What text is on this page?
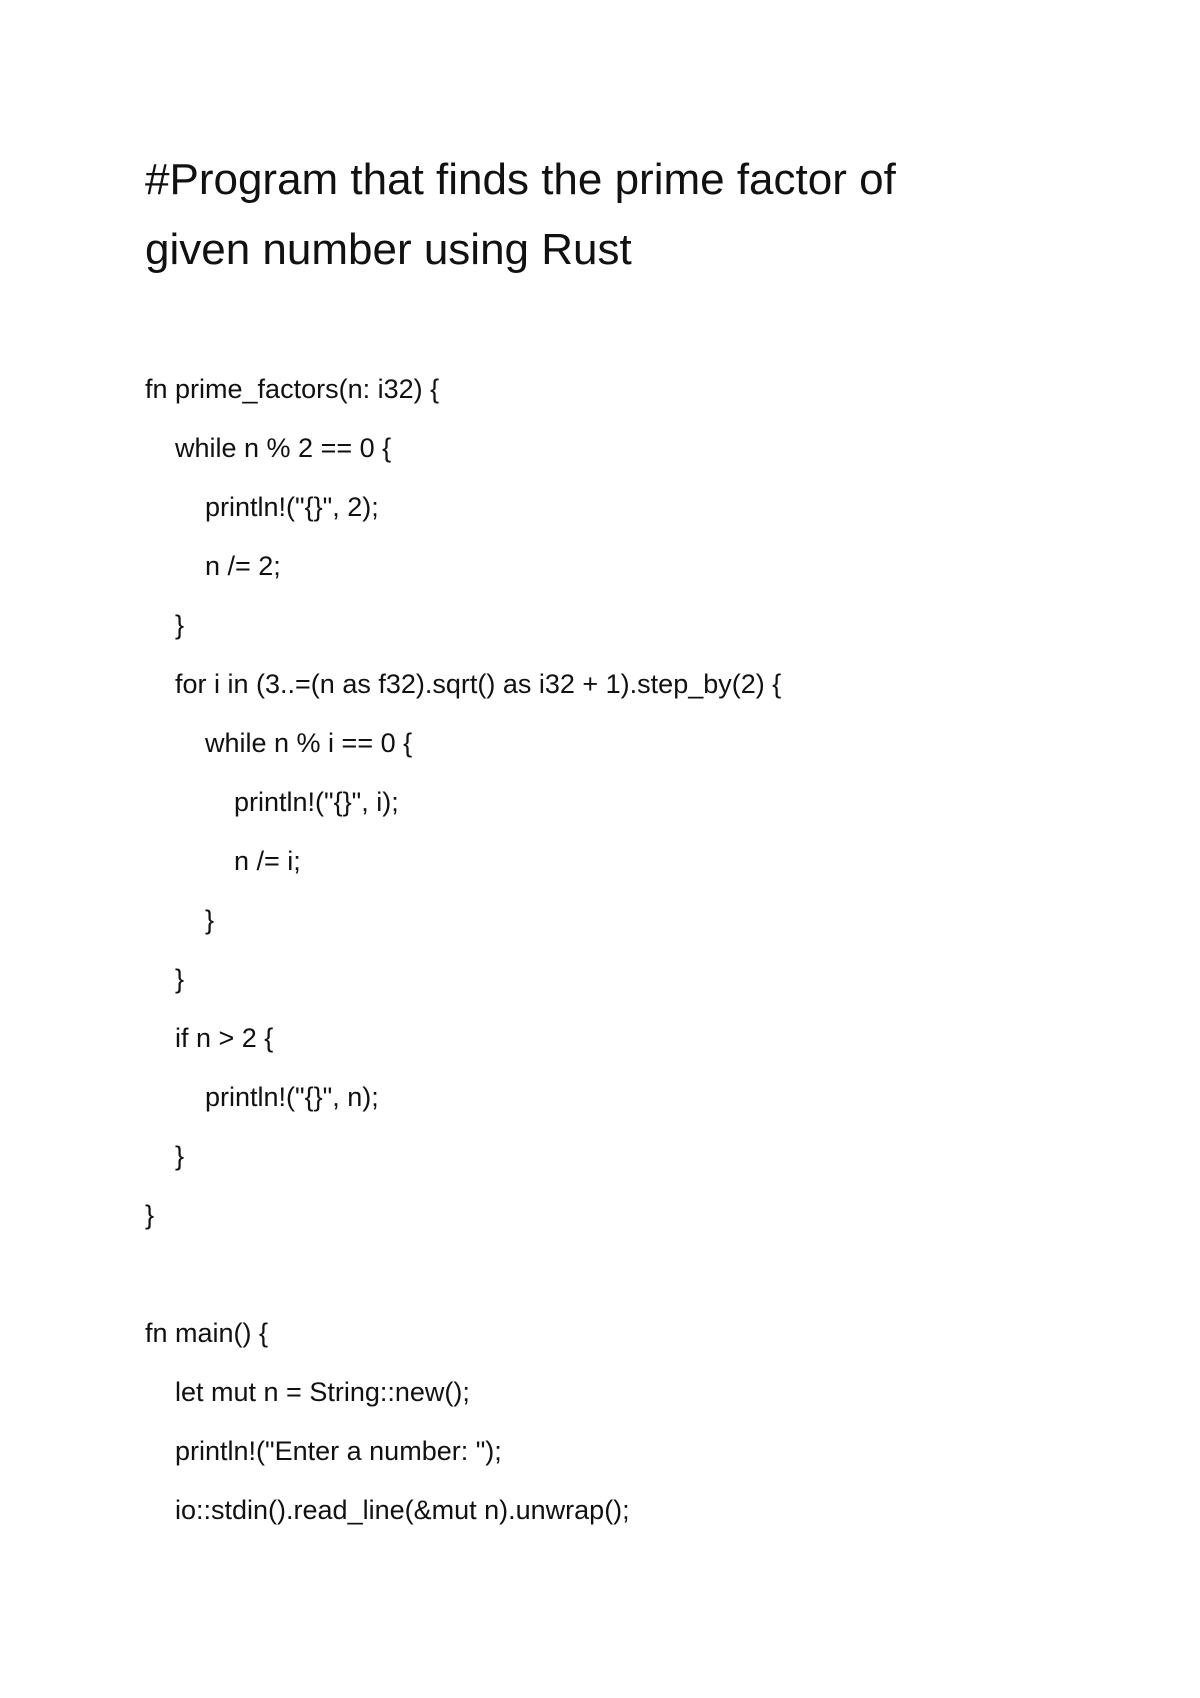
#Program that finds the prime factor of
given number using Rust
fn prime_factors(n: i32) {
while n % 2 == 0 {
println!("{}", 2);
n /= 2;
}
for i in (3..=(n as f32).sqrt() as i32 + 1).step_by(2) {
while n % i == 0 {
println!("{}", i);
n /= i;
}
}
if n > 2 {
println!("{}", n);
}
}
fn main() {
let mut n = String::new();
println!("Enter a number: ");
io::stdin().read_line(&mut n).unwrap();
